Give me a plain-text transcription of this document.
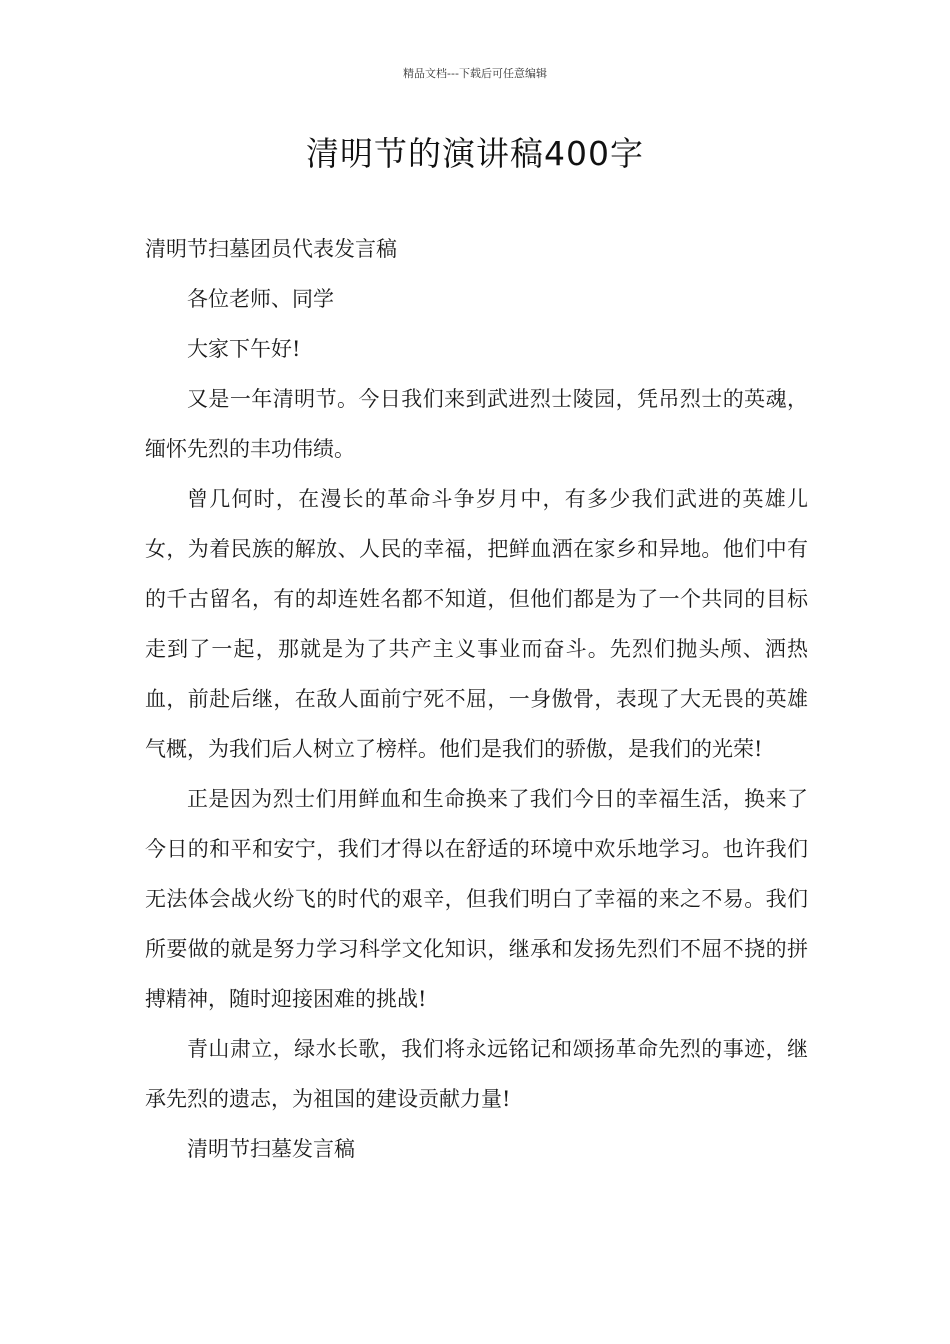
精品文档---下载后可任意编辑
清明节的演讲稿400字

清明节扫墓团员代表发言稿

各位老师、同学

大家下午好!

又是一年清明节。今日我们来到武进烈士陵园，凭吊烈士的英魂，缅怀先烈的丰功伟绩。

曾几何时，在漫长的革命斗争岁月中，有多少我们武进的英雄儿女，为着民族的解放、人民的幸福，把鲜血洒在家乡和异地。他们中有的千古留名，有的却连姓名都不知道，但他们都是为了一个共同的目标走到了一起，那就是为了共产主义事业而奋斗。先烈们抛头颅、洒热血，前赴后继，在敌人面前宁死不屈，一身傲骨，表现了大无畏的英雄气概，为我们后人树立了榜样。他们是我们的骄傲，是我们的光荣!

正是因为烈士们用鲜血和生命换来了我们今日的幸福生活，换来了今日的和平和安宁，我们才得以在舒适的环境中欢乐地学习。也许我们无法体会战火纷飞的时代的艰辛，但我们明白了幸福的来之不易。我们所要做的就是努力学习科学文化知识，继承和发扬先烈们不屈不挠的拼搏精神，随时迎接困难的挑战!

青山肃立，绿水长歌，我们将永远铭记和颂扬革命先烈的事迹，继承先烈的遗志，为祖国的建设贡献力量!

清明节扫墓发言稿
